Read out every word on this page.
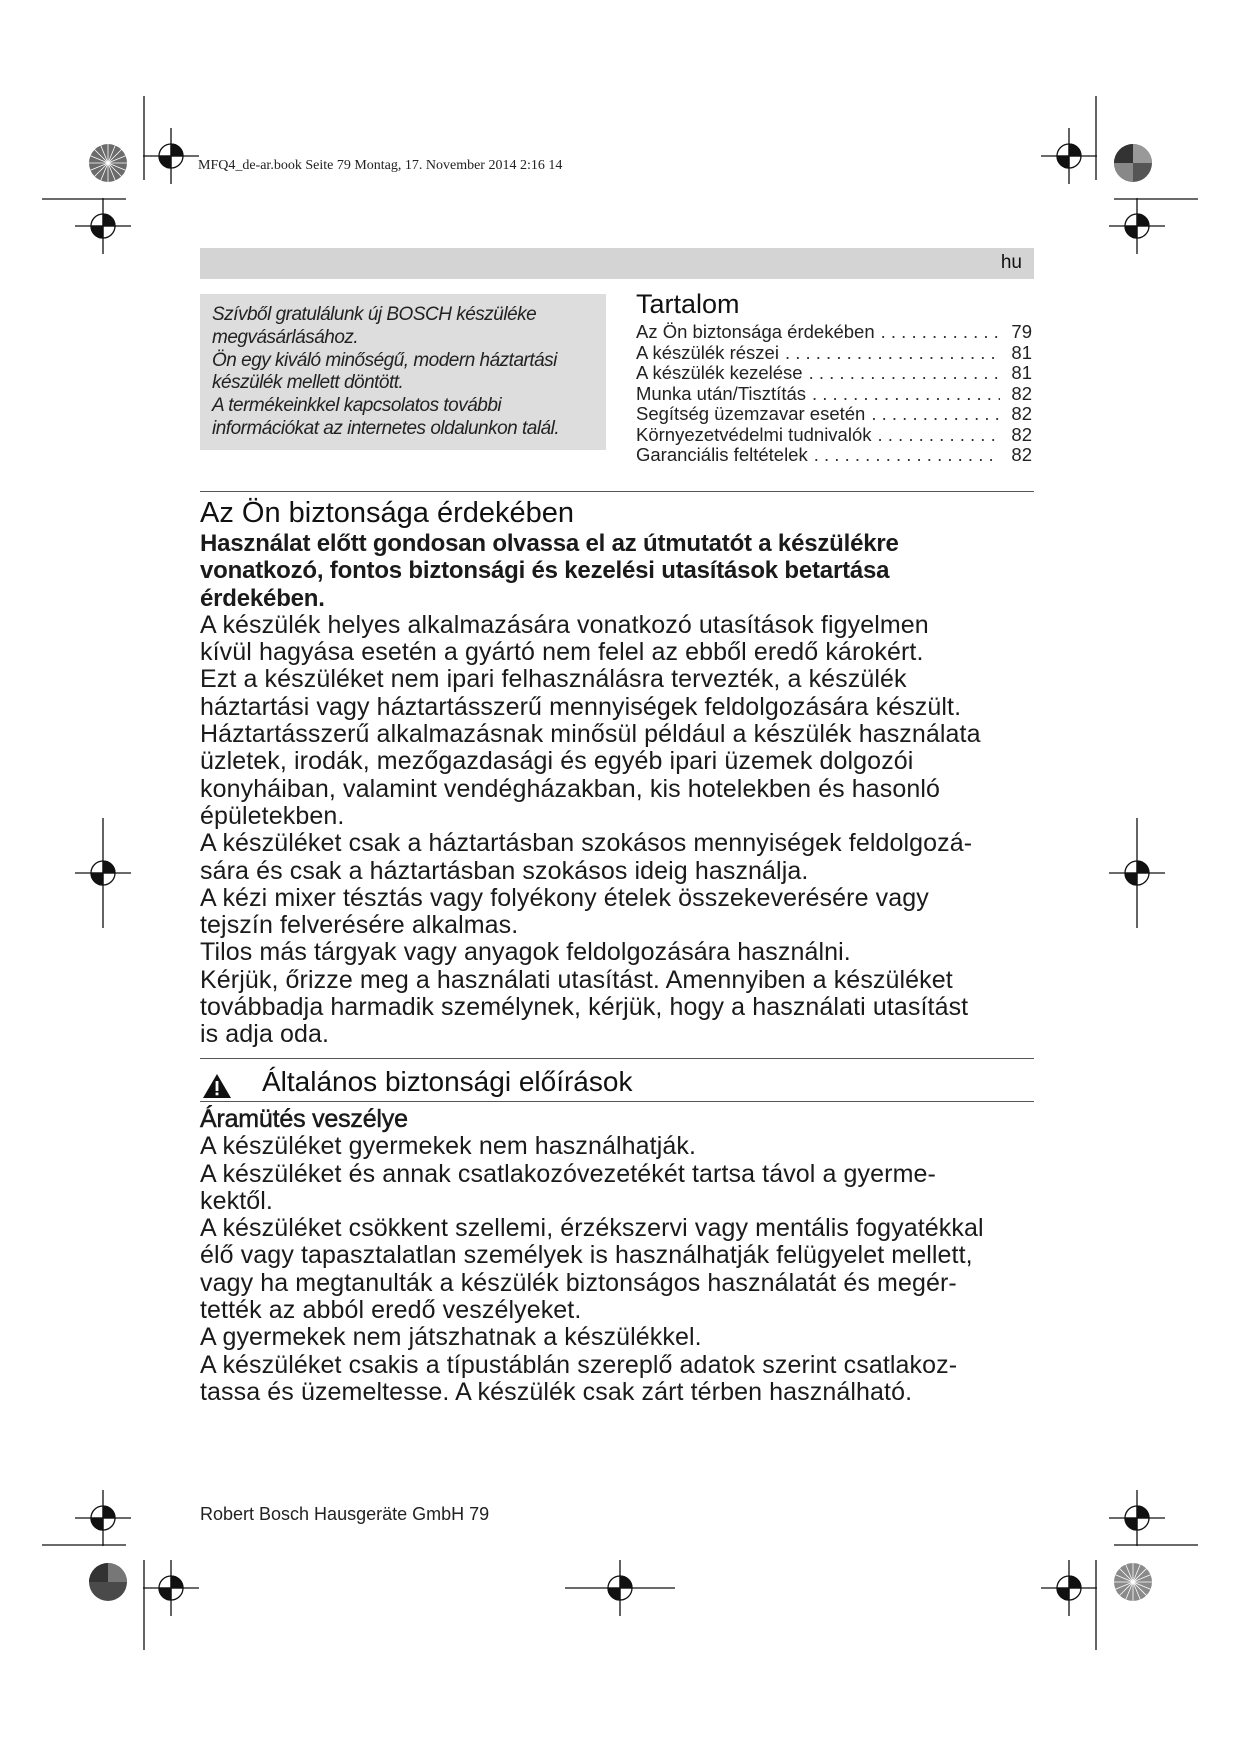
MFQ4_de-ar.book Seite 79 Montag, 17. November 2014 2:16 14
hu
Szívből gratulálunk új BOSCH készüléke
megvásárlásához.
Ön egy kiváló minőségű, modern háztartási
készülék mellett döntött.
A termékeinkkel kapcsolatos további
információkat az internetes oldalunkon talál.
Tartalom
Az Ön biztonsága érdekében . . .	79
A készülék részei . . .	81
A készülék kezelése . . .	81
Munka után/Tisztítás . . .	82
Segítség üzemzavar esetén . . .	82
Környezetvédelmi tudnivalók . . .	82
Garanciális feltételek . . .	82
Az Ön biztonsága érdekében
Használat előtt gondosan olvassa el az útmutatót a készülékre
vonatkozó, fontos biztonsági és kezelési utasítások betartása
érdekében.
A készülék helyes alkalmazására vonatkozó utasítások figyelmen
kívül hagyása esetén a gyártó nem felel az ebből eredő károkért.
Ezt a készüléket nem ipari felhasználásra tervezték, a készülék
háztartási vagy háztartásszerű mennyiségek feldolgozására készült.
Háztartásszerű alkalmazásnak minősül például a készülék használata
üzletek, irodák, mezőgazdasági és egyéb ipari üzemek dolgozói
konyháiban, valamint vendégházakban, kis hotelekben és hasonló
épületekben.
A készüléket csak a háztartásban szokásos mennyiségek feldolgozá-
sára és csak a háztartásban szokásos ideig használja.
A kézi mixer tésztás vagy folyékony ételek összekeverésére vagy
tejszín felverésére alkalmas.
Tilos más tárgyak vagy anyagok feldolgozására használni.
Kérjük, őrizze meg a használati utasítást. Amennyiben a készüléket
továbbadja harmadik személynek, kérjük, hogy a használati utasítást
is adja oda.
Általános biztonsági előírások
Áramütés veszélye
A készüléket gyermekek nem használhatják.
A készüléket és annak csatlakozóvezetékét tartsa távol a gyerme-
kektől.
A készüléket csökkent szellemi, érzékszervi vagy mentális fogyatékkal
élő vagy tapasztalatlan személyek is használhatják felügyelet mellett,
vagy ha megtanulták a készülék biztonságos használatát és megér-
tették az abból eredő veszélyeket.
A gyermekek nem játszhatnak a készülékkel.
A készüléket csakis a típustáblán szereplő adatok szerint csatlakoz-
tassa és üzemeltesse. A készülék csak zárt térben használható.
Robert Bosch Hausgeräte GmbH 79
